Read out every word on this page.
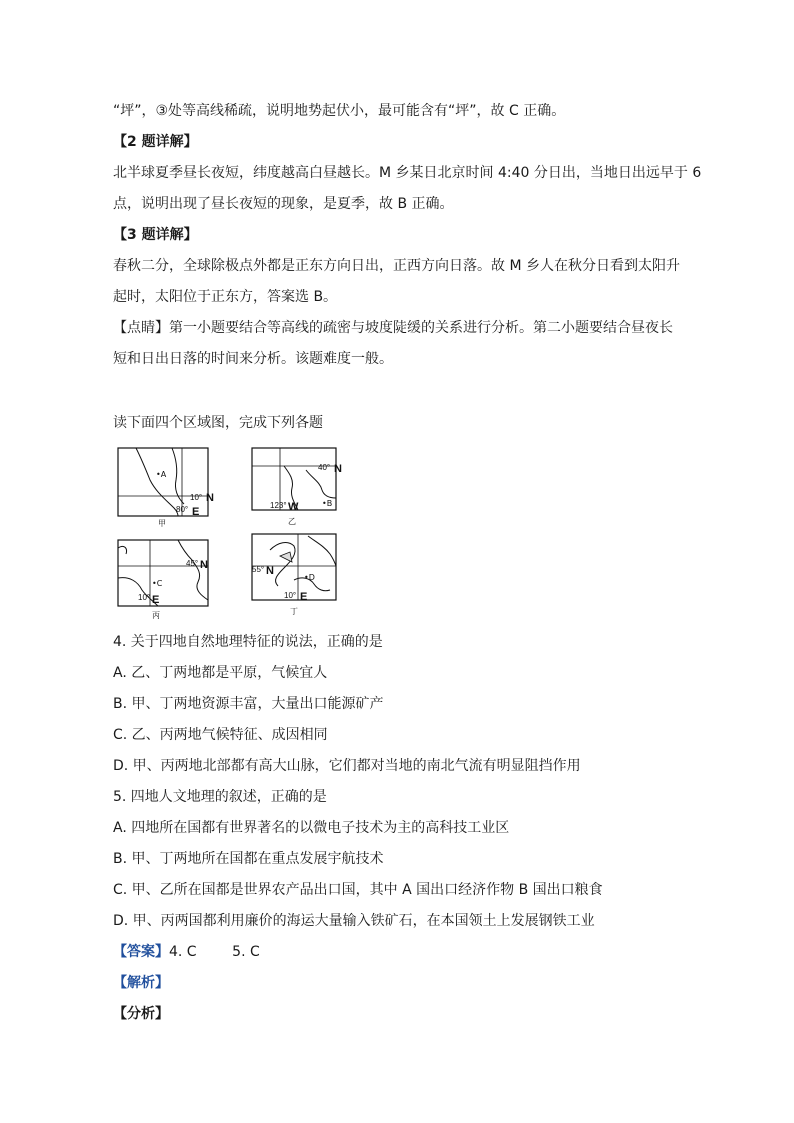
“坪”，③处等高线稀疏，说明地势起伏小，最可能含有“坪”，故 C 正确。
【2 题详解】
北半球夏季昼长夜短，纬度越高白昼越长。M 乡某日北京时间 4:40 分日出，当地日出远早于 6
点，说明出现了昼长夜短的现象，是夏季，故 B 正确。
【3 题详解】
春秋二分，全球除极点外都是正东方向日出，正西方向日落。故 M 乡人在秋分日看到太阳升
起时，太阳位于正东方，答案选 B。
【点睛】第一小题要结合等高线的疏密与坡度陡缓的关系进行分析。第二小题要结合昼夜长
短和日出日落的时间来分析。该题难度一般。
读下面四个区域图，完成下列各题
•A
10° N
80° E
甲
40° N
•B
123° W
乙
45° N
•C
10° E
丙
55° N
•D
10° E
丁
4. 关于四地自然地理特征的说法，正确的是
A. 乙、丁两地都是平原，气候宜人
B. 甲、丁两地资源丰富，大量出口能源矿产
C. 乙、丙两地气候特征、成因相同
D. 甲、丙两地北部都有高大山脉，它们都对当地的南北气流有明显阻挡作用
5. 四地人文地理的叙述，正确的是
A. 四地所在国都有世界著名的以微电子技术为主的高科技工业区
B. 甲、丁两地所在国都在重点发展宇航技术
C. 甲、乙所在国都是世界农产品出口国，其中 A 国出口经济作物 B 国出口粮食
D. 甲、丙两国都利用廉价的海运大量输入铁矿石，在本国领土上发展钢铁工业
【答案】4. C        5. C
【解析】
【分析】
